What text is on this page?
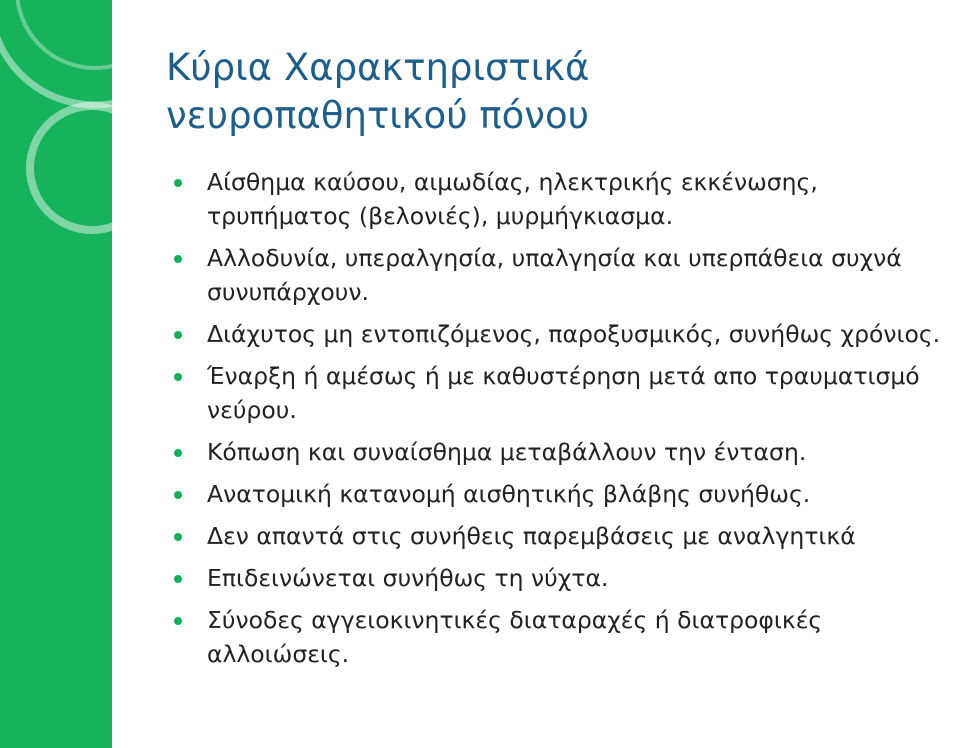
Κύρια Χαρακτηριστικά
νευροπαθητικού πόνου
Αίσθημα καύσου, αιμωδίας, ηλεκτρικής εκκένωσης, τρυπήματος (βελονιές), μυρμήγκιασμα.
Αλλοδυνία, υπεραλγησία, υπαλγησία και υπερπάθεια συχνά συνυπάρχουν.
Διάχυτος μη εντοπιζόμενος, παροξυσμικός, συνήθως χρόνιος.
Έναρξη ή αμέσως ή με καθυστέρηση μετά απο τραυματισμό νεύρου.
Κόπωση και συναίσθημα μεταβάλλουν την ένταση.
Ανατομική κατανομή αισθητικής βλάβης συνήθως.
Δεν απαντά στις συνήθεις παρεμβάσεις με αναλγητικά
Επιδεινώνεται συνήθως τη νύχτα.
Σύνοδες αγγειοκινητικές διαταραχές ή διατροφικές αλλοιώσεις.
